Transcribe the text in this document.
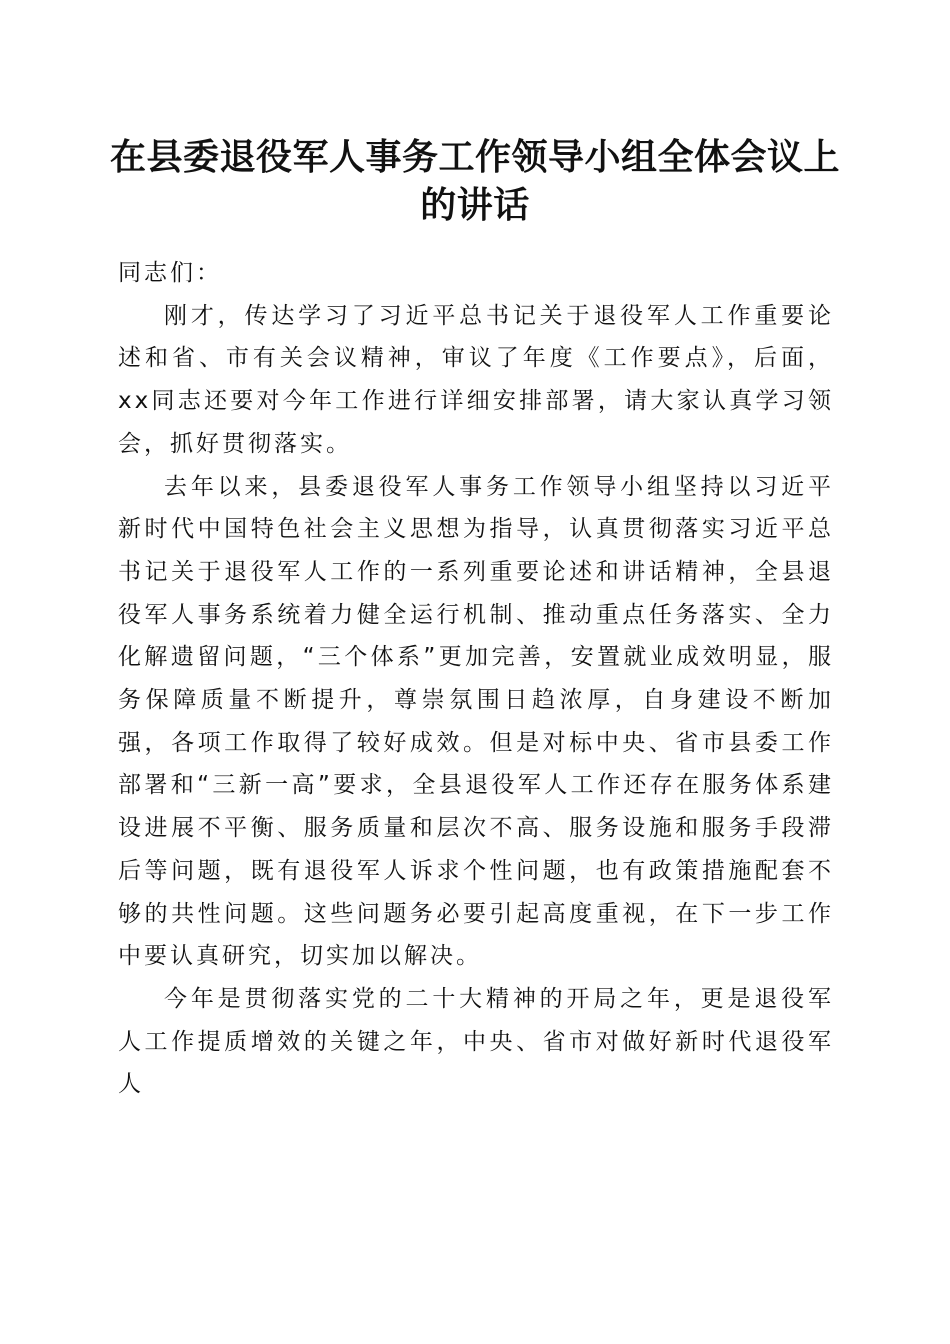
在县委退役军人事务工作领导小组全体会议上的讲话

同志们：

刚才，传达学习了习近平总书记关于退役军人工作重要论述和省、市有关会议精神，审议了年度《工作要点》，后面，xx同志还要对今年工作进行详细安排部署，请大家认真学习领会，抓好贯彻落实。

去年以来，县委退役军人事务工作领导小组坚持以习近平新时代中国特色社会主义思想为指导，认真贯彻落实习近平总书记关于退役军人工作的一系列重要论述和讲话精神，全县退役军人事务系统着力健全运行机制、推动重点任务落实、全力化解遗留问题，“三个体系”更加完善，安置就业成效明显，服务保障质量不断提升，尊崇氛围日趋浓厚，自身建设不断加强，各项工作取得了较好成效。但是对标中央、省市县委工作部署和“三新一高”要求，全县退役军人工作还存在服务体系建设进展不平衡、服务质量和层次不高、服务设施和服务手段滞后等问题，既有退役军人诉求个性问题，也有政策措施配套不够的共性问题。这些问题务必要引起高度重视，在下一步工作中要认真研究，切实加以解决。

今年是贯彻落实党的二十大精神的开局之年，更是退役军人工作提质增效的关键之年，中央、省市对做好新时代退役军人
